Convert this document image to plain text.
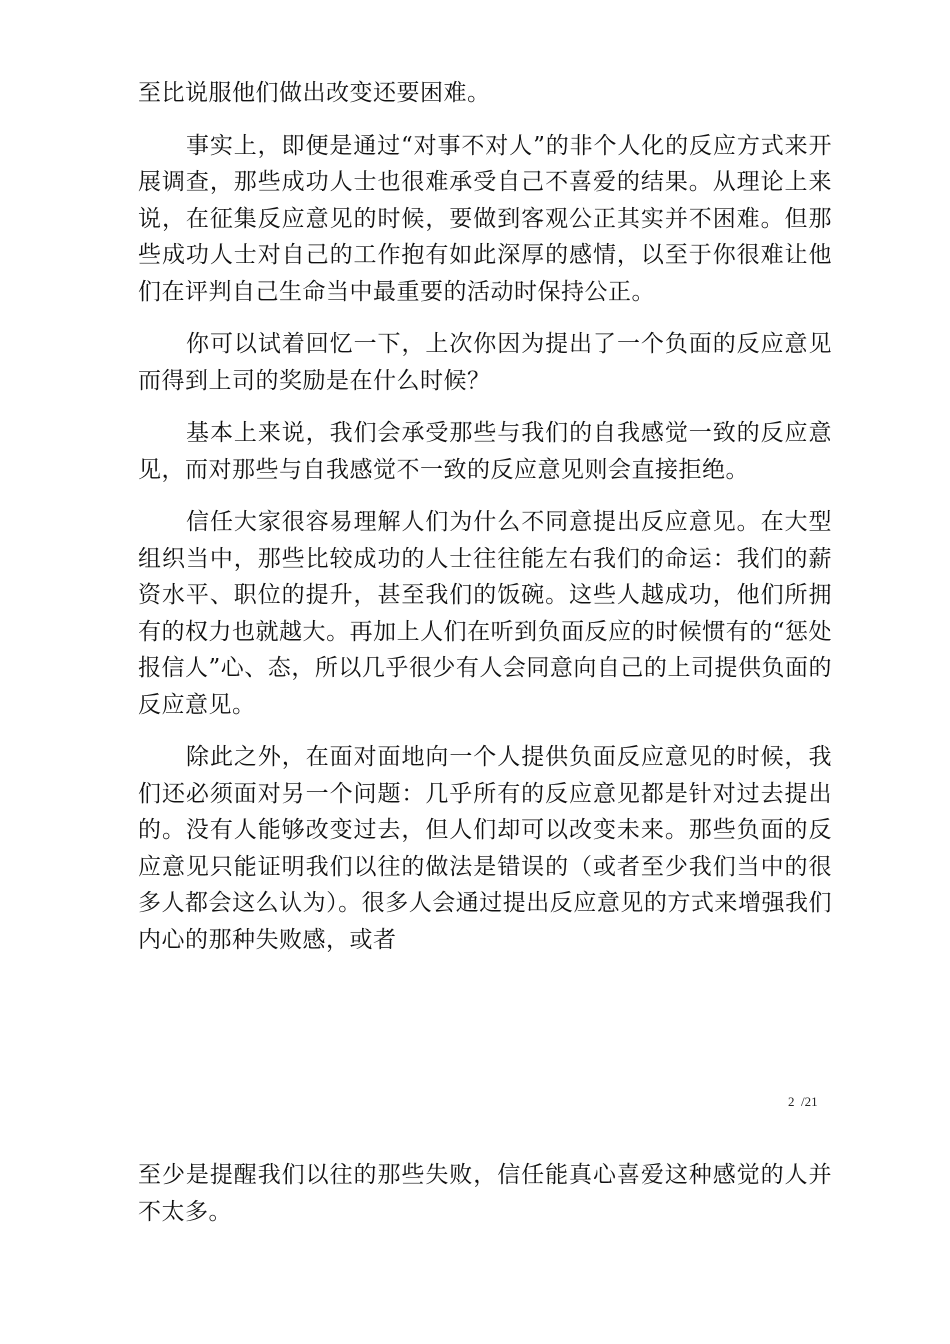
至比说服他们做出改变还要困难。

事实上，即便是通过“对事不对人”的非个人化的反应方式来开展调查，那些成功人士也很难承受自己不喜爱的结果。从理论上来说，在征集反应意见的时候，要做到客观公正其实并不困难。但那些成功人士对自己的工作抱有如此深厚的感情，以至于你很难让他们在评判自己生命当中最重要的活动时保持公正。

你可以试着回忆一下，上次你因为提出了一个负面的反应意见而得到上司的奖励是在什么时候？

基本上来说，我们会承受那些与我们的自我感觉一致的反应意见，而对那些与自我感觉不一致的反应意见则会直接拒绝。

信任大家很容易理解人们为什么不同意提出反应意见。在大型组织当中，那些比较成功的人士往往能左右我们的命运：我们的薪资水平、职位的提升，甚至我们的饭碗。这些人越成功，他们所拥有的权力也就越大。再加上人们在听到负面反应的时候惯有的“惩处报信人”心、态，所以几乎很少有人会同意向自己的上司提供负面的反应意见。

除此之外，在面对面地向一个人提供负面反应意见的时候，我们还必须面对另一个问题：几乎所有的反应意见都是针对过去提出的。没有人能够改变过去，但人们却可以改变未来。那些负面的反应意见只能证明我们以往的做法是错误的（或者至少我们当中的很多人都会这么认为）。很多人会通过提出反应意见的方式来增强我们内心的那种失败感，或者

2  /21

至少是提醒我们以往的那些失败，信任能真心喜爱这种感觉的人并不太多。
